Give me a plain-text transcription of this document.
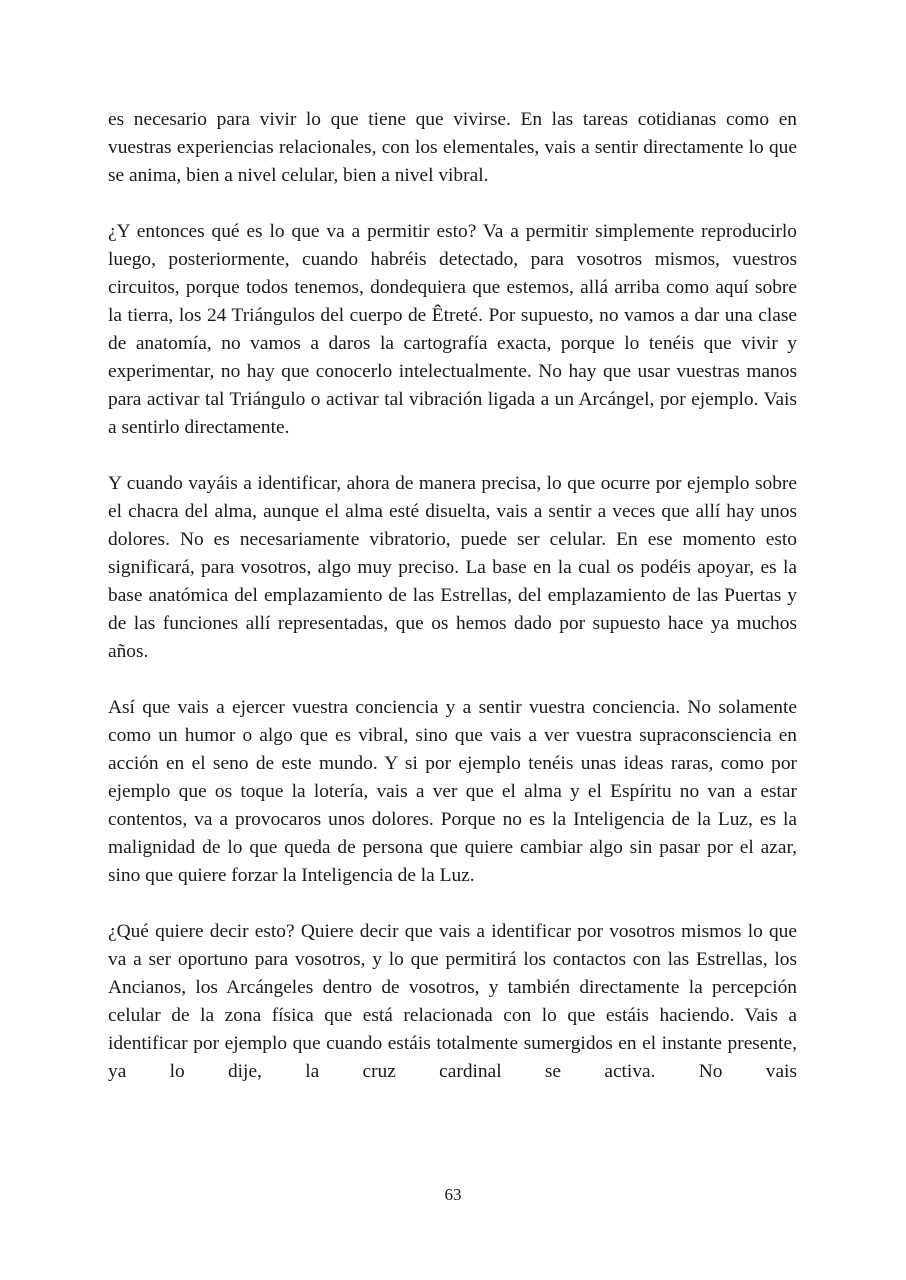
es necesario para vivir lo que tiene que vivirse. En las tareas cotidianas como en vuestras experiencias relacionales, con los elementales, vais a sentir directamente lo que se anima, bien a nivel celular, bien a nivel vibral.

¿Y entonces qué es lo que va a permitir esto? Va a permitir simplemente reproducirlo luego, posteriormente, cuando habréis detectado, para vosotros mismos, vuestros circuitos, porque todos tenemos, dondequiera que estemos, allá arriba como aquí sobre la tierra, los 24 Triángulos del cuerpo de Êtreté. Por supuesto, no vamos a dar una clase de anatomía, no vamos a daros la cartografía exacta, porque lo tenéis que vivir y experimentar, no hay que conocerlo intelectualmente. No hay que usar vuestras manos para activar tal Triángulo o activar tal vibración ligada a un Arcángel, por ejemplo. Vais a sentirlo directamente.

Y cuando vayáis a identificar, ahora de manera precisa, lo que ocurre por ejemplo sobre el chacra del alma, aunque el alma esté disuelta, vais a sentir a veces que allí hay unos dolores. No es necesariamente vibratorio, puede ser celular. En ese momento esto significará, para vosotros, algo muy preciso. La base en la cual os podéis apoyar, es la base anatómica del emplazamiento de las Estrellas, del emplazamiento de las Puertas y de las funciones allí representadas, que os hemos dado por supuesto hace ya muchos años.

Así que vais a ejercer vuestra conciencia y a sentir vuestra conciencia. No solamente como un humor o algo que es vibral, sino que vais a ver vuestra supraconsciencia en acción en el seno de este mundo. Y si por ejemplo tenéis unas ideas raras, como por ejemplo que os toque la lotería, vais a ver que el alma y el Espíritu no van a estar contentos, va a provocaros unos dolores. Porque no es la Inteligencia de la Luz, es la malignidad de lo que queda de persona que quiere cambiar algo sin pasar por el azar, sino que quiere forzar la Inteligencia de la Luz.

¿Qué quiere decir esto? Quiere decir que vais a identificar por vosotros mismos lo que va a ser oportuno para vosotros, y lo que permitirá los contactos con las Estrellas, los Ancianos, los Arcángeles dentro de vosotros, y también directamente la percepción celular de la zona física que está relacionada con lo que estáis haciendo. Vais a identificar por ejemplo que cuando estáis totalmente sumergidos en el instante presente, ya lo dije, la cruz cardinal se activa. No vais

63
